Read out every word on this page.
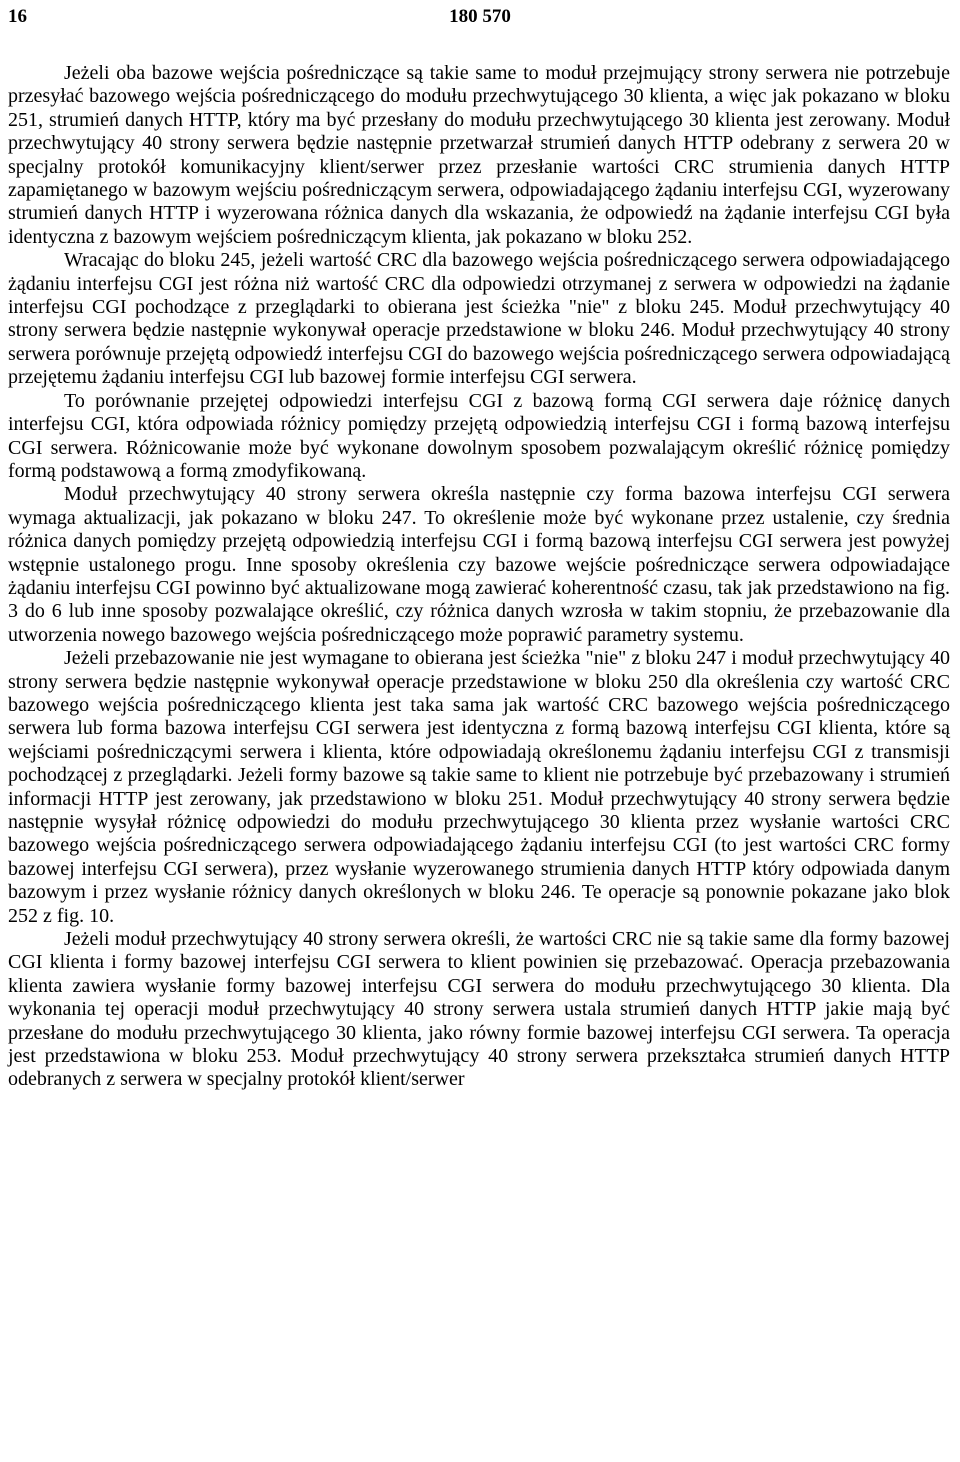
16	180 570

Jeżeli oba bazowe wejścia pośredniczące są takie same to moduł przejmujący strony serwera nie potrzebuje przesyłać bazowego wejścia pośredniczącego do modułu przechwytującego 30 klienta, a więc jak pokazano w bloku 251, strumień danych HTTP, który ma być przesłany do modułu przechwytującego 30 klienta jest zerowany. Moduł przechwytujący 40 strony serwera będzie następnie przetwarzał strumień danych HTTP odebrany z serwera 20 w specjalny protokół komunikacyjny klient/serwer przez przesłanie wartości CRC strumienia danych HTTP zapamiętanego w bazowym wejściu pośredniczącym serwera, odpowiadającego żądaniu interfejsu CGI, wyzerowany strumień danych HTTP i wyzerowana różnica danych dla wskazania, że odpowiedź na żądanie interfejsu CGI była identyczna z bazowym wejściem pośredniczącym klienta, jak pokazano w bloku 252.

Wracając do bloku 245, jeżeli wartość CRC dla bazowego wejścia pośredniczącego serwera odpowiadającego żądaniu interfejsu CGI jest różna niż wartość CRC dla odpowiedzi otrzymanej z serwera w odpowiedzi na żądanie interfejsu CGI pochodzące z przeglądarki to obierana jest ścieżka "nie" z bloku 245. Moduł przechwytujący 40 strony serwera będzie następnie wykonywał operacje przedstawione w bloku 246. Moduł przechwytujący 40 strony serwera porównuje przejętą odpowiedź interfejsu CGI do bazowego wejścia pośredniczącego serwera odpowiadającą przejętemu żądaniu interfejsu CGI lub bazowej formie interfejsu CGI serwera.

To porównanie przejętej odpowiedzi interfejsu CGI z bazową formą CGI serwera daje różnicę danych interfejsu CGI, która odpowiada różnicy pomiędzy przejętą odpowiedzią interfejsu CGI i formą bazową interfejsu CGI serwera. Różnicowanie może być wykonane dowolnym sposobem pozwalającym określić różnicę pomiędzy formą podstawową a formą zmodyfikowaną.

Moduł przechwytujący 40 strony serwera określa następnie czy forma bazowa interfejsu CGI serwera wymaga aktualizacji, jak pokazano w bloku 247. To określenie może być wykonane przez ustalenie, czy średnia różnica danych pomiędzy przejętą odpowiedzią interfejsu CGI i formą bazową interfejsu CGI serwera jest powyżej wstępnie ustalonego progu. Inne sposoby określenia czy bazowe wejście pośredniczące serwera odpowiadające żądaniu interfejsu CGI powinno być aktualizowane mogą zawierać koherentność czasu, tak jak przedstawiono na fig. 3 do 6 lub inne sposoby pozwalające określić, czy różnica danych wzrosła w takim stopniu, że przebazowanie dla utworzenia nowego bazowego wejścia pośredniczącego może poprawić parametry systemu.

Jeżeli przebazowanie nie jest wymagane to obierana jest ścieżka "nie" z bloku 247 i moduł przechwytujący 40 strony serwera będzie następnie wykonywał operacje przedstawione w bloku 250 dla określenia czy wartość CRC bazowego wejścia pośredniczącego klienta jest taka sama jak wartość CRC bazowego wejścia pośredniczącego serwera lub forma bazowa interfejsu CGI serwera jest identyczna z formą bazową interfejsu CGI klienta, które są wejściami pośredniczącymi serwera i klienta, które odpowiadają określonemu żądaniu interfejsu CGI z transmisji pochodzącej z przeglądarki. Jeżeli formy bazowe są takie same to klient nie potrzebuje być przebazowany i strumień informacji HTTP jest zerowany, jak przedstawiono w bloku 251. Moduł przechwytujący 40 strony serwera będzie następnie wysyłał różnicę odpowiedzi do modułu przechwytującego 30 klienta przez wysłanie wartości CRC bazowego wejścia pośredniczącego serwera odpowiadającego żądaniu interfejsu CGI (to jest wartości CRC formy bazowej interfejsu CGI serwera), przez wysłanie wyzerowanego strumienia danych HTTP który odpowiada danym bazowym i przez wysłanie różnicy danych określonych w bloku 246. Te operacje są ponownie pokazane jako blok 252 z fig. 10.

Jeżeli moduł przechwytujący 40 strony serwera określi, że wartości CRC nie są takie same dla formy bazowej CGI klienta i formy bazowej interfejsu CGI serwera to klient powinien się przebazować. Operacja przebazowania klienta zawiera wysłanie formy bazowej interfejsu CGI serwera do modułu przechwytującego 30 klienta. Dla wykonania tej operacji moduł przechwytujący 40 strony serwera ustala strumień danych HTTP jakie mają być przesłane do modułu przechwytującego 30 klienta, jako równy formie bazowej interfejsu CGI serwera. Ta operacja jest przedstawiona w bloku 253. Moduł przechwytujący 40 strony serwera przekształca strumień danych HTTP odebranych z serwera w specjalny protokół klient/serwer
